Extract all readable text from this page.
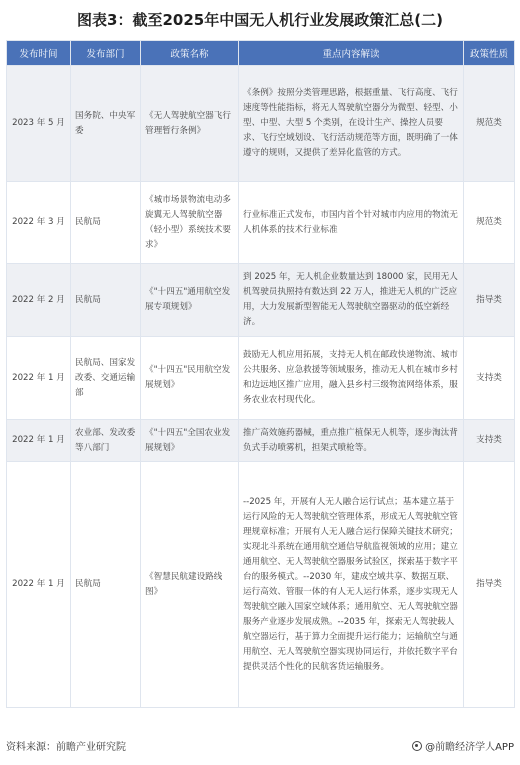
图表3：截至2025年中国无人机行业发展政策汇总(二)
发布时间	发布部门	政策名称	重点内容解读	政策性质
2023 年 5 月	国务院、中央军委	《无人驾驶航空器飞行管理暂行条例》	《条例》按照分类管理思路，根据重量、飞行高度、飞行速度等性能指标，将无人驾驶航空器分为微型、轻型、小型、中型、大型 5 个类别，在设计生产、操控人员要求、飞行空域划设、飞行活动规范等方面，既明确了一体遵守的规则，又提供了差异化监管的方式。	规范类
2022 年 3 月	民航局	《城市场景物流电动多旋翼无人驾驶航空器（轻小型）系统技术要求》	行业标准正式发布，市国内首个针对城市内应用的物流无人机体系的技术行业标准	规范类
2022 年 2 月	民航局	《"十四五"通用航空发展专项规划》	到 2025 年，无人机企业数量达到 18000 家，民用无人机驾驶员执照持有数达到 22 万人，推进无人机的广泛应用，大力发展新型智能无人驾驶航空器驱动的低空新经济。	指导类
2022 年 1 月	民航局、国家发改委、交通运输部	《"十四五"民用航空发展规划》	鼓励无人机应用拓展，支持无人机在邮政快递物流、城市公共服务、应急救援等领域服务，推动无人机在城市乡村和边远地区推广应用，融入县乡村三级物流网络体系，服务农业农村现代化。	支持类
2022 年 1 月	农业部、发改委等八部门	《"十四五"全国农业发展规划》	推广高效施药器械，重点推广植保无人机等，逐步淘汰背负式手动喷雾机，担架式喷枪等。	支持类
2022 年 1 月	民航局	《智慧民航建设路线图》	--2025 年，开展有人无人融合运行试点；基本建立基于运行风险的无人驾驶航空管理体系，形成无人驾驶航空管理规章标准；开展有人无人融合运行保障关键技术研究；实现北斗系统在通用航空通信导航监视领域的应用；建立通用航空、无人驾驶航空器服务试验区，探索基于数字平台的服务模式。--2030 年，建成空域共享、数据互联、运行高效、管服一体的有人无人运行体系，逐步实现无人驾驶航空融入国家空域体系；通用航空、无人驾驶航空器服务产业逐步发展成熟。--2035 年，探索无人驾驶载人航空器运行，基于算力全面提升运行能力；运输航空与通用航空、无人驾驶航空器实现协同运行，并依托数字平台提供灵活个性化的民航客货运输服务。	指导类
资料来源：前瞻产业研究院	@前瞻经济学人APP
